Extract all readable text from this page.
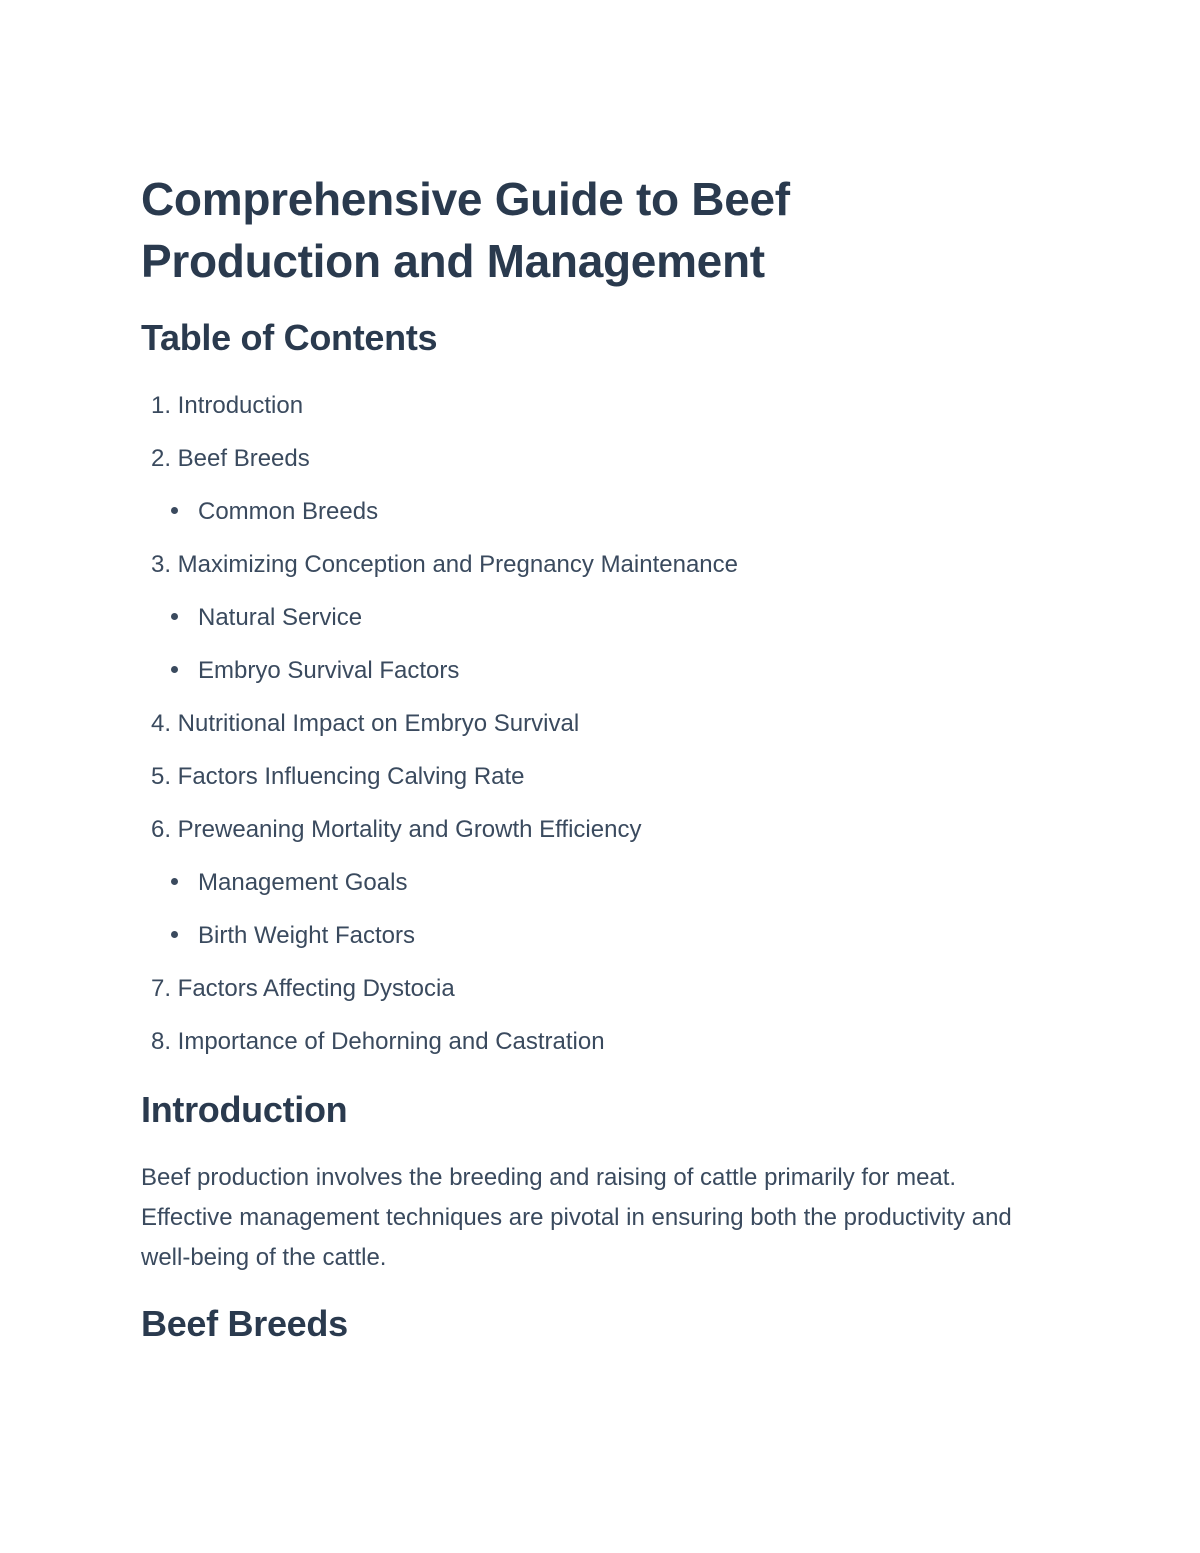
Comprehensive Guide to Beef
Production and Management
Table of Contents
1. Introduction
2. Beef Breeds
Common Breeds
3. Maximizing Conception and Pregnancy Maintenance
Natural Service
Embryo Survival Factors
4. Nutritional Impact on Embryo Survival
5. Factors Influencing Calving Rate
6. Preweaning Mortality and Growth Efficiency
Management Goals
Birth Weight Factors
7. Factors Affecting Dystocia
8. Importance of Dehorning and Castration
Introduction

Beef production involves the breeding and raising of cattle primarily for meat. Effective management techniques are pivotal in ensuring both the productivity and well-being of the cattle.

Beef Breeds
